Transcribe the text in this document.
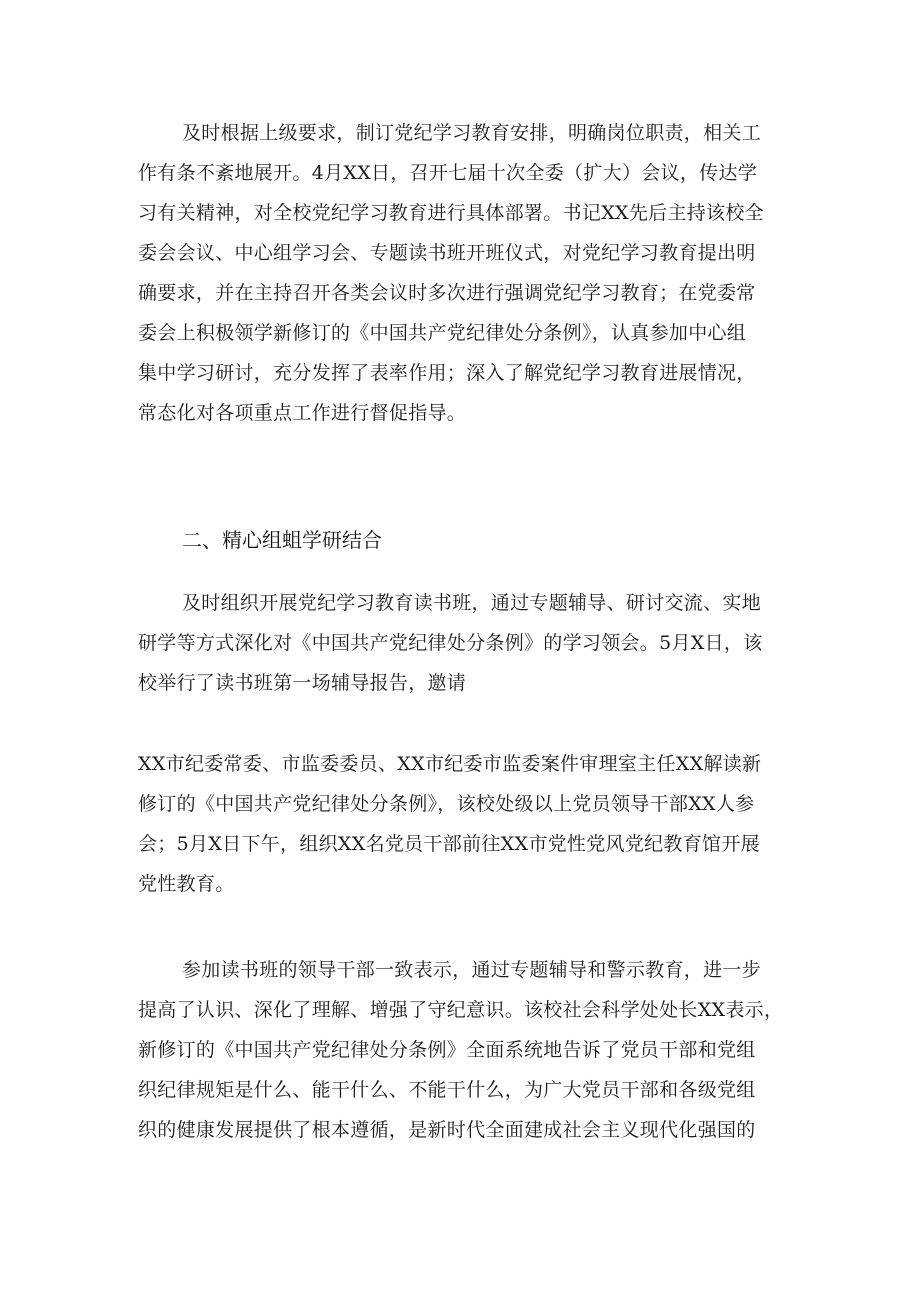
及时根据上级要求，制订党纪学习教育安排，明确岗位职责，相关工
作有条不紊地展开。4月XX日，召开七届十次全委（扩大）会议，传达学
习有关精神，对全校党纪学习教育进行具体部署。书记XX先后主持该校全
委会会议、中心组学习会、专题读书班开班仪式，对党纪学习教育提出明
确要求，并在主持召开各类会议时多次进行强调党纪学习教育；在党委常
委会上积极领学新修订的《中国共产党纪律处分条例》，认真参加中心组
集中学习研讨，充分发挥了表率作用；深入了解党纪学习教育进展情况，
常态化对各项重点工作进行督促指导。
二、精心组蛆学研结合
及时组织开展党纪学习教育读书班，通过专题辅导、研讨交流、实地
研学等方式深化对《中国共产党纪律处分条例》的学习领会。5月X日，该
校举行了读书班第一场辅导报告，邀请
XX市纪委常委、市监委委员、XX市纪委市监委案件审理室主任XX解读新
修订的《中国共产党纪律处分条例》，该校处级以上党员领导干部XX人参
会；5月X日下午，组织XX名党员干部前往XX市党性党风党纪教育馆开展
党性教育。
参加读书班的领导干部一致表示，通过专题辅导和警示教育，进一步
提高了认识、深化了理解、增强了守纪意识。该校社会科学处处长XX表示，
新修订的《中国共产党纪律处分条例》全面系统地告诉了党员干部和党组
织纪律规矩是什么、能干什么、不能干什么，为广大党员干部和各级党组
织的健康发展提供了根本遵循，是新时代全面建成社会主义现代化强国的
